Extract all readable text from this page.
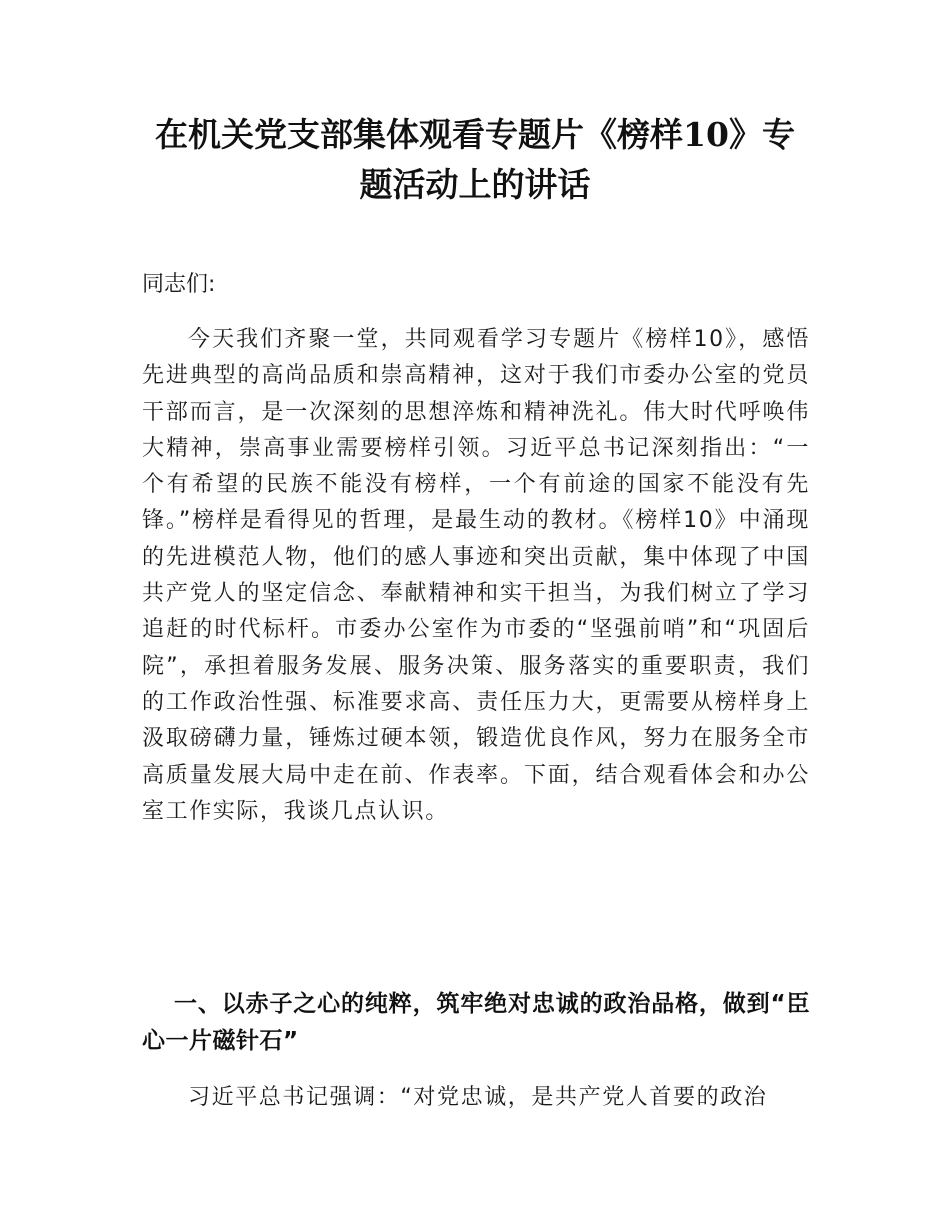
在机关党支部集体观看专题片《榜样10》专题活动上的讲话

同志们:

今天我们齐聚一堂，共同观看学习专题片《榜样10》，感悟先进典型的高尚品质和崇高精神，这对于我们市委办公室的党员干部而言，是一次深刻的思想淬炼和精神洗礼。伟大时代呼唤伟大精神，崇高事业需要榜样引领。习近平总书记深刻指出：“一个有希望的民族不能没有榜样，一个有前途的国家不能没有先锋。”榜样是看得见的哲理，是最生动的教材。《榜样10》中涌现的先进模范人物，他们的感人事迹和突出贡献，集中体现了中国共产党人的坚定信念、奉献精神和实干担当，为我们树立了学习追赶的时代标杆。市委办公室作为市委的“坚强前哨”和“巩固后院”，承担着服务发展、服务决策、服务落实的重要职责，我们的工作政治性强、标准要求高、责任压力大，更需要从榜样身上汲取磅礴力量，锤炼过硬本领，锻造优良作风，努力在服务全市高质量发展大局中走在前、作表率。下面，结合观看体会和办公室工作实际，我谈几点认识。

一、以赤子之心的纯粹，筑牢绝对忠诚的政治品格，做到“臣心一片磁针石”

习近平总书记强调：“对党忠诚，是共产党人首要的政治
